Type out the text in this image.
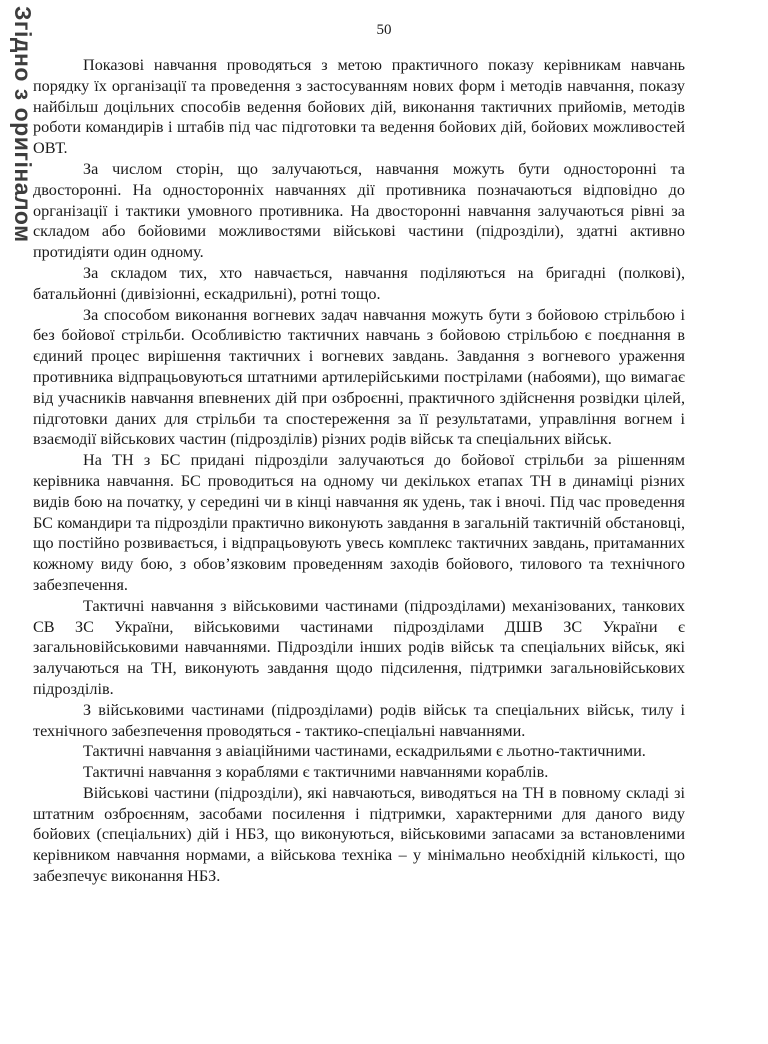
50
Згідно з оригіналом	Показові навчання проводяться з метою практичного показу керівникам навчань порядку їх організації та проведення з застосуванням нових форм і методів навчання, показу найбільш доцільних способів ведення бойових дій, виконання тактичних прийомів, методів роботи командирів і штабів під час підготовки та ведення бойових дій, бойових можливостей ОВТ.

За числом сторін, що залучаються, навчання можуть бути односторонні та двосторонні. На односторонніх навчаннях дії противника позначаються відповідно до організації і тактики умовного противника. На двосторонні навчання залучаються рівні за складом або бойовими можливостями військові частини (підрозділи), здатні активно протидіяти один одному.

За складом тих, хто навчається, навчання поділяються на бригадні (полкові), батальйонні (дивізіонні, ескадрильні), ротні тощо.

За способом виконання вогневих задач навчання можуть бути з бойовою стрільбою і без бойової стрільби. Особливістю тактичних навчань з бойовою стрільбою є поєднання в єдиний процес вирішення тактичних і вогневих завдань. Завдання з вогневого ураження противника відпрацьовуються штатними артилерійськими пострілами (набоями), що вимагає від учасників навчання впевнених дій при озброєнні, практичного здійснення розвідки цілей, підготовки даних для стрільби та спостереження за її результатами, управління вогнем і взаємодії військових частин (підрозділів) різних родів військ та спеціальних військ.

На ТН з БС придані підрозділи залучаються до бойової стрільби за рішенням керівника навчання. БС проводиться на одному чи декількох етапах ТН в динаміці різних видів бою на початку, у середині чи в кінці навчання як удень, так і вночі. Під час проведення БС командири та підрозділи практично виконують завдання в загальній тактичній обстановці, що постійно розвивається, і відпрацьовують увесь комплекс тактичних завдань, притаманних кожному виду бою, з обов’язковим проведенням заходів бойового, тилового та технічного забезпечення.

Тактичні навчання з військовими частинами (підрозділами) механізованих, танкових СВ ЗС України, військовими частинами підрозділами ДШВ ЗС України є загальновійськовими навчаннями. Підрозділи інших родів військ та спеціальних військ, які залучаються на ТН, виконують завдання щодо підсилення, підтримки загальновійськових підрозділів.

З військовими частинами (підрозділами) родів військ та спеціальних військ, тилу і технічного забезпечення проводяться - тактико-спеціальні навчаннями.

Тактичні навчання з авіаційними частинами, ескадрильями є льотно-тактичними.

Тактичні навчання з кораблями є тактичними навчаннями кораблів.

Військові частини (підрозділи), які навчаються, виводяться на ТН в повному складі зі штатним озброєнням, засобами посилення і підтримки, характерними для даного виду бойових (спеціальних) дій і НБЗ, що виконуються, військовими запасами за встановленими керівником навчання нормами, а військова техніка – у мінімально необхідній кількості, що забезпечує виконання НБЗ.
